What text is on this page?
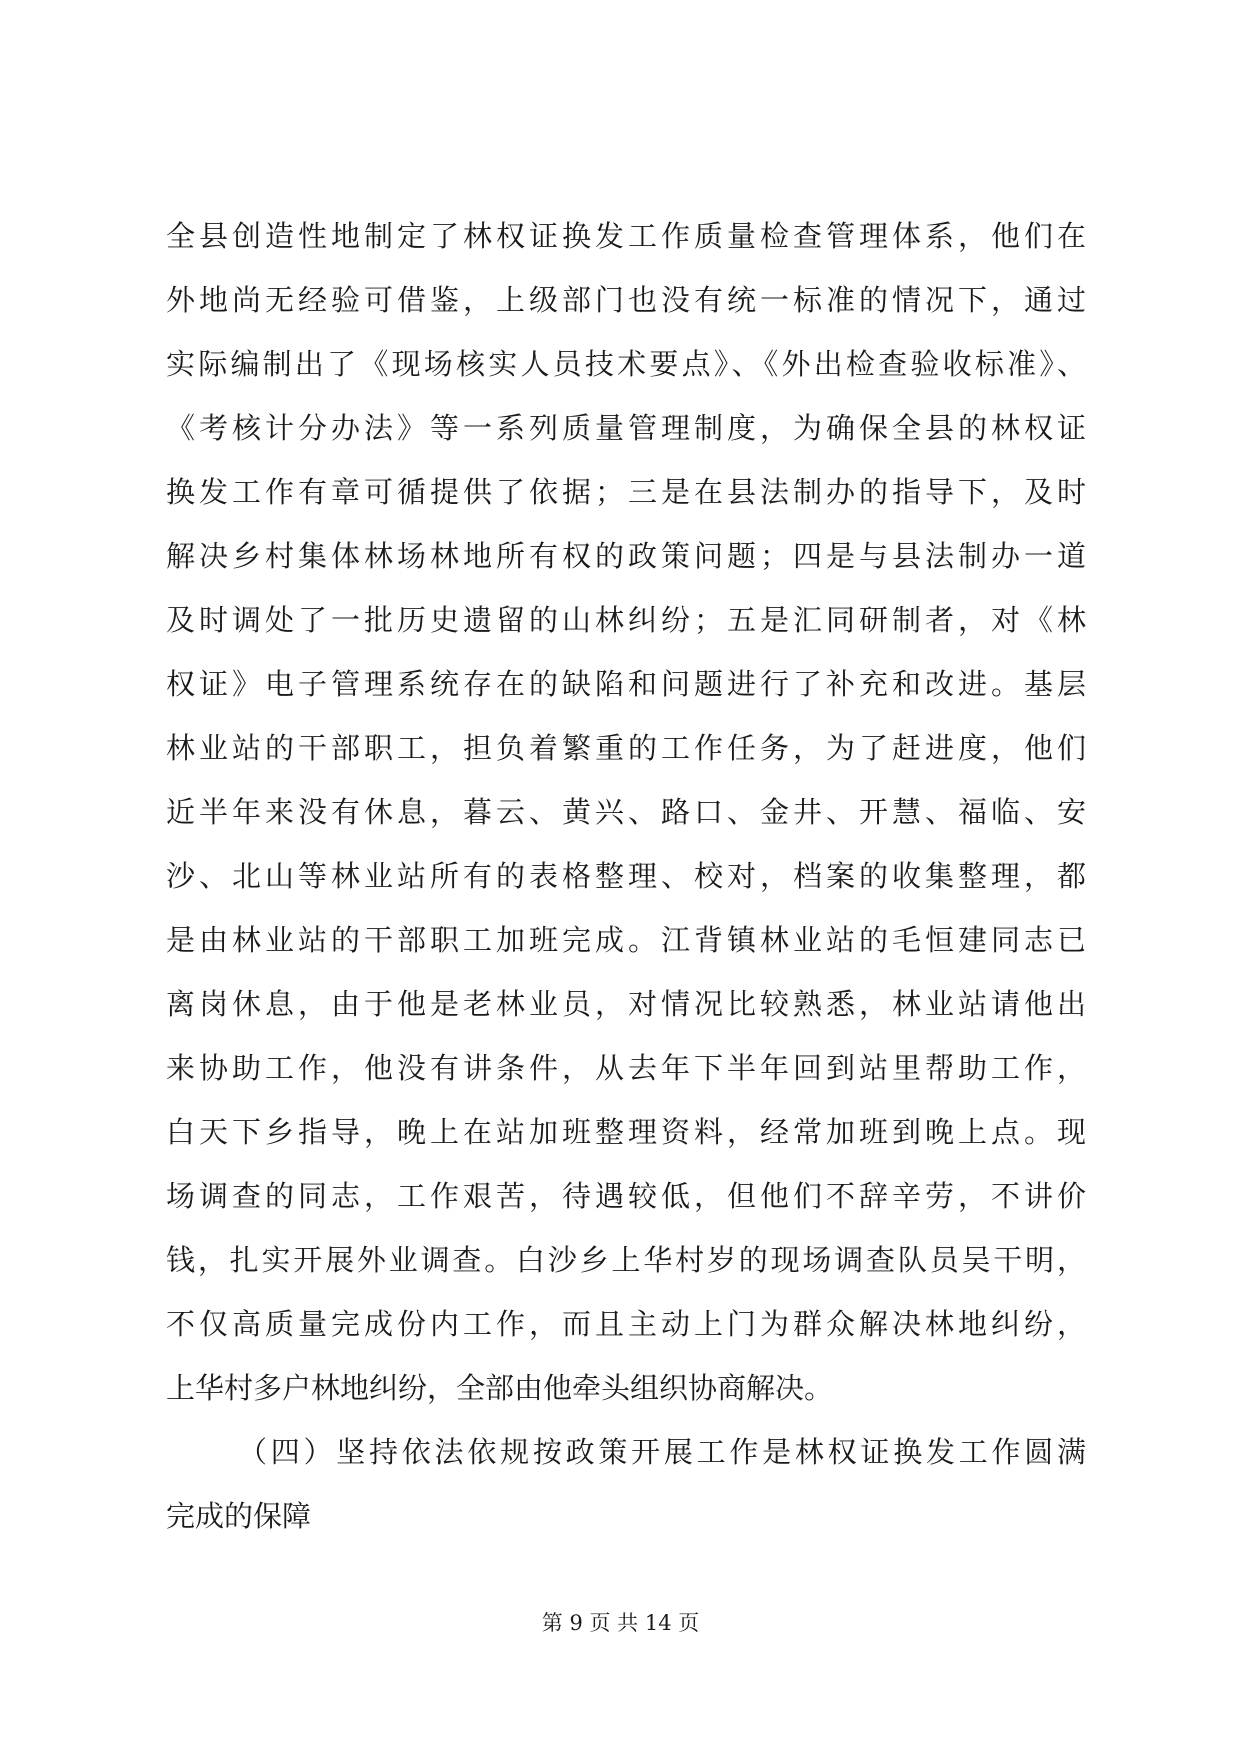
全县创造性地制定了林权证换发工作质量检查管理体系，他们在
外地尚无经验可借鉴，上级部门也没有统一标准的情况下，通过
实际编制出了《现场核实人员技术要点》、《外出检查验收标准》、
《考核计分办法》等一系列质量管理制度，为确保全县的林权证
换发工作有章可循提供了依据；三是在县法制办的指导下，及时
解决乡村集体林场林地所有权的政策问题；四是与县法制办一道
及时调处了一批历史遗留的山林纠纷；五是汇同研制者，对《林
权证》电子管理系统存在的缺陷和问题进行了补充和改进。基层
林业站的干部职工，担负着繁重的工作任务，为了赶进度，他们
近半年来没有休息，暮云、黄兴、路口、金井、开慧、福临、安
沙、北山等林业站所有的表格整理、校对，档案的收集整理，都
是由林业站的干部职工加班完成。江背镇林业站的毛恒建同志已
离岗休息，由于他是老林业员，对情况比较熟悉，林业站请他出
来协助工作，他没有讲条件，从去年下半年回到站里帮助工作，
白天下乡指导，晚上在站加班整理资料，经常加班到晚上点。现
场调查的同志，工作艰苦，待遇较低，但他们不辞辛劳，不讲价
钱，扎实开展外业调查。白沙乡上华村岁的现场调查队员吴干明，
不仅高质量完成份内工作，而且主动上门为群众解决林地纠纷，
上华村多户林地纠纷，全部由他牵头组织协商解决。
（四）坚持依法依规按政策开展工作是林权证换发工作圆满
完成的保障
第 9 页 共 14 页
